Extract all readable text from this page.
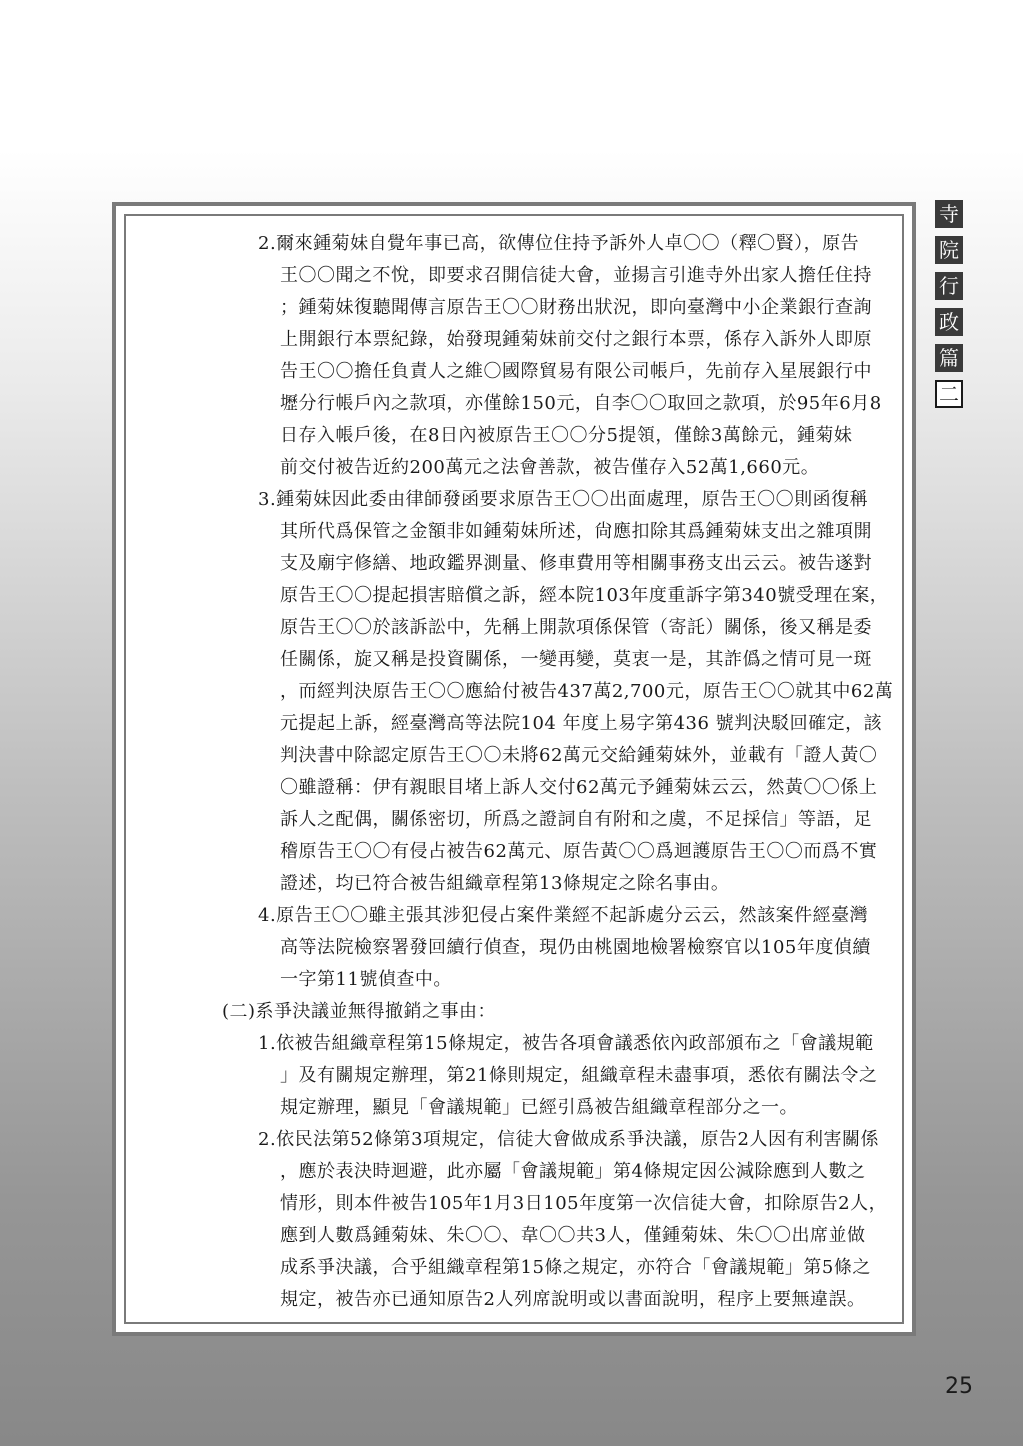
2.爾來鍾菊妹自覺年事已高，欲傳位住持予訴外人卓〇〇（釋〇賢），原告
王〇〇聞之不悅，即要求召開信徒大會，並揚言引進寺外出家人擔任住持
；鍾菊妹復聽聞傳言原告王〇〇財務出狀況，即向臺灣中小企業銀行查詢
上開銀行本票紀錄，始發現鍾菊妹前交付之銀行本票，係存入訴外人即原
告王〇〇擔任負責人之維〇國際貿易有限公司帳戶，先前存入星展銀行中
壢分行帳戶內之款項，亦僅餘150元，自李〇〇取回之款項，於95年6月8
日存入帳戶後，在8日內被原告王〇〇分5提領，僅餘3萬餘元，鍾菊妹
前交付被告近約200萬元之法會善款，被告僅存入52萬1,660元。
3.鍾菊妹因此委由律師發函要求原告王〇〇出面處理，原告王〇〇則函復稱
其所代爲保管之金額非如鍾菊妹所述，尙應扣除其爲鍾菊妹支出之雜項開
支及廟宇修繕、地政鑑界測量、修車費用等相關事務支出云云。被告遂對
原告王〇〇提起損害賠償之訴，經本院103年度重訴字第340號受理在案，
原告王〇〇於該訴訟中，先稱上開款項係保管（寄託）關係，後又稱是委
任關係，旋又稱是投資關係，一變再變，莫衷一是，其詐僞之情可見一斑
，而經判決原告王〇〇應給付被告437萬2,700元，原告王〇〇就其中62萬
元提起上訴，經臺灣高等法院104 年度上易字第436 號判決駁回確定，該
判決書中除認定原告王〇〇未將62萬元交給鍾菊妹外，並載有「證人黃〇
〇雖證稱：伊有親眼目堵上訴人交付62萬元予鍾菊妹云云，然黃〇〇係上
訴人之配偶，關係密切，所爲之證詞自有附和之虞，不足採信」等語，足
稽原告王〇〇有侵占被告62萬元、原告黃〇〇爲迴護原告王〇〇而爲不實
證述，均已符合被告組織章程第13條規定之除名事由。
4.原告王〇〇雖主張其涉犯侵占案件業經不起訴處分云云，然該案件經臺灣
高等法院檢察署發回續行偵查，現仍由桃園地檢署檢察官以105年度偵續
一字第11號偵查中。
(二)系爭決議並無得撤銷之事由：
1.依被告組織章程第15條規定，被告各項會議悉依內政部頒布之「會議規範
」及有關規定辦理，第21條則規定，組織章程未盡事項，悉依有關法令之
規定辦理，顯見「會議規範」已經引爲被告組織章程部分之一。
2.依民法第52條第3項規定，信徒大會做成系爭決議，原告2人因有利害關係
，應於表決時迴避，此亦屬「會議規範」第4條規定因公減除應到人數之
情形，則本件被告105年1月3日105年度第一次信徒大會，扣除原告2人，
應到人數爲鍾菊妹、朱〇〇、韋〇〇共3人，僅鍾菊妹、朱〇〇出席並做
成系爭決議，合乎組織章程第15條之規定，亦符合「會議規範」第5條之
規定，被告亦已通知原告2人列席說明或以書面說明，程序上要無違誤。
寺
院
行
政
篇
二
25
